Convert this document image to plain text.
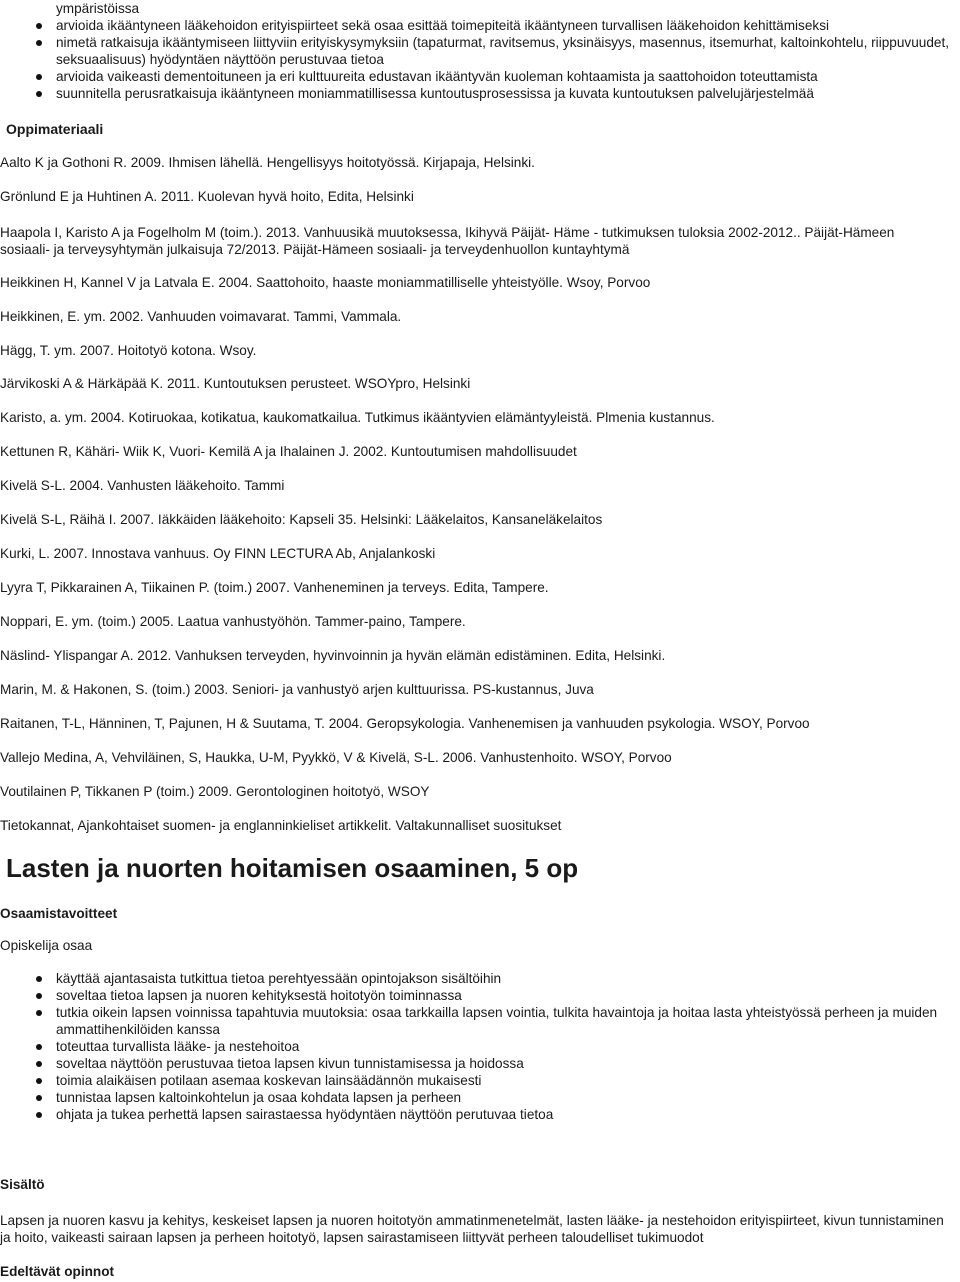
ympäristöissa
arvioida ikääntyneen lääkehoidon erityispiirteet sekä osaa esittää toimepiteitä ikääntyneen turvallisen lääkehoidon kehittämiseksi
nimetä ratkaisuja ikääntymiseen liittyviin erityiskysymyksiin (tapaturmat, ravitsemus, yksinäisyys, masennus, itsemurhat, kaltoinkohtelu, riippuvuudet, seksuaalisuus) hyödyntäen näyttöön perustuvaa tietoa
arvioida vaikeasti dementoituneen ja eri kulttuureita edustavan ikääntyvän kuoleman kohtaamista ja saattohoidon toteuttamista
suunnitella perusratkaisuja ikääntyneen moniammatillisessa kuntoutusprosessissa ja kuvata kuntoutuksen palvelujärjestelmää
Oppimateriaali

Aalto K ja Gothoni R. 2009. Ihmisen lähellä. Hengellisyys hoitotyössä. Kirjapaja, Helsinki.

Grönlund E ja Huhtinen A. 2011. Kuolevan hyvä hoito, Edita, Helsinki

Haapola I, Karisto A ja Fogelholm M (toim.). 2013. Vanhuusikä muutoksessa, Ikihyvä Päijät- Häme - tutkimuksen tuloksia 2002-2012.. Päijät-Hämeen sosiaali- ja terveysyhtymän julkaisuja 72/2013. Päijät-Hämeen sosiaali- ja terveydenhuollon kuntayhtymä

Heikkinen H, Kannel V ja Latvala E. 2004. Saattohoito, haaste moniammatilliselle yhteistyölle. Wsoy, Porvoo

Heikkinen, E. ym. 2002. Vanhuuden voimavarat. Tammi, Vammala.

Hägg, T. ym. 2007. Hoitotyö kotona. Wsoy.

Järvikoski A & Härkäpää K. 2011. Kuntoutuksen perusteet. WSOYpro, Helsinki

Karisto, a. ym. 2004. Kotiruokaa, kotikatua, kaukomatkailua. Tutkimus ikääntyvien elämäntyyleistä. Plmenia kustannus.

Kettunen R, Kähäri- Wiik K, Vuori- Kemilä A ja Ihalainen J. 2002. Kuntoutumisen mahdollisuudet

Kivelä S-L. 2004. Vanhusten lääkehoito. Tammi

Kivelä S-L, Räihä I. 2007. Iäkkäiden lääkehoito: Kapseli 35. Helsinki: Lääkelaitos, Kansaneläkelaitos

Kurki, L. 2007. Innostava vanhuus. Oy FINN LECTURA Ab, Anjalankoski

Lyyra T, Pikkarainen A, Tiikainen P. (toim.) 2007. Vanheneminen ja terveys. Edita, Tampere.

Noppari, E. ym. (toim.) 2005. Laatua vanhustyöhön. Tammer-paino, Tampere.

Näslind- Ylispangar A. 2012. Vanhuksen terveyden, hyvinvoinnin ja hyvän elämän edistäminen. Edita, Helsinki.

Marin, M. & Hakonen, S. (toim.) 2003. Seniori- ja vanhustyö arjen kulttuurissa. PS-kustannus, Juva

Raitanen, T-L, Hänninen, T, Pajunen, H & Suutama, T. 2004. Geropsykologia. Vanhenemisen ja vanhuuden psykologia. WSOY, Porvoo

Vallejo Medina, A, Vehviläinen, S, Haukka, U-M, Pyykkö, V & Kivelä, S-L. 2006. Vanhustenhoito. WSOY, Porvoo

Voutilainen P, Tikkanen P (toim.) 2009. Gerontologinen hoitotyö, WSOY

Tietokannat, Ajankohtaiset suomen- ja englanninkieliset artikkelit. Valtakunnalliset suositukset

Lasten ja nuorten hoitamisen osaaminen, 5 op
Osaamistavoitteet
Opiskelija osaa
käyttää ajantasaista tutkittua tietoa perehtyessään opintojakson sisältöihin
soveltaa tietoa lapsen ja nuoren kehityksestä hoitotyön toiminnassa
tutkia oikein lapsen voinnissa tapahtuvia muutoksia: osaa tarkkailla lapsen vointia, tulkita havaintoja ja hoitaa lasta yhteistyössä perheen ja muiden ammattihenkilöiden kanssa
toteuttaa turvallista lääke- ja nestehoitoa
soveltaa näyttöön perustuvaa tietoa lapsen kivun tunnistamisessa ja hoidossa
toimia alaikäisen potilaan asemaa koskevan lainsäädännön mukaisesti
tunnistaa lapsen kaltoinkohtelun ja osaa kohdata lapsen ja perheen
ohjata ja tukea perhettä lapsen sairastaessa hyödyntäen näyttöön perutuvaa tietoa
Sisältö
Lapsen ja nuoren kasvu ja kehitys, keskeiset lapsen ja nuoren hoitotyön ammatinmenetelmät, lasten lääke- ja nestehoidon erityispiirteet, kivun tunnistaminen ja hoito, vaikeasti sairaan lapsen ja perheen hoitotyö, lapsen sairastamiseen liittyvät perheen taloudelliset tukimuodot
Edeltävät opinnot
